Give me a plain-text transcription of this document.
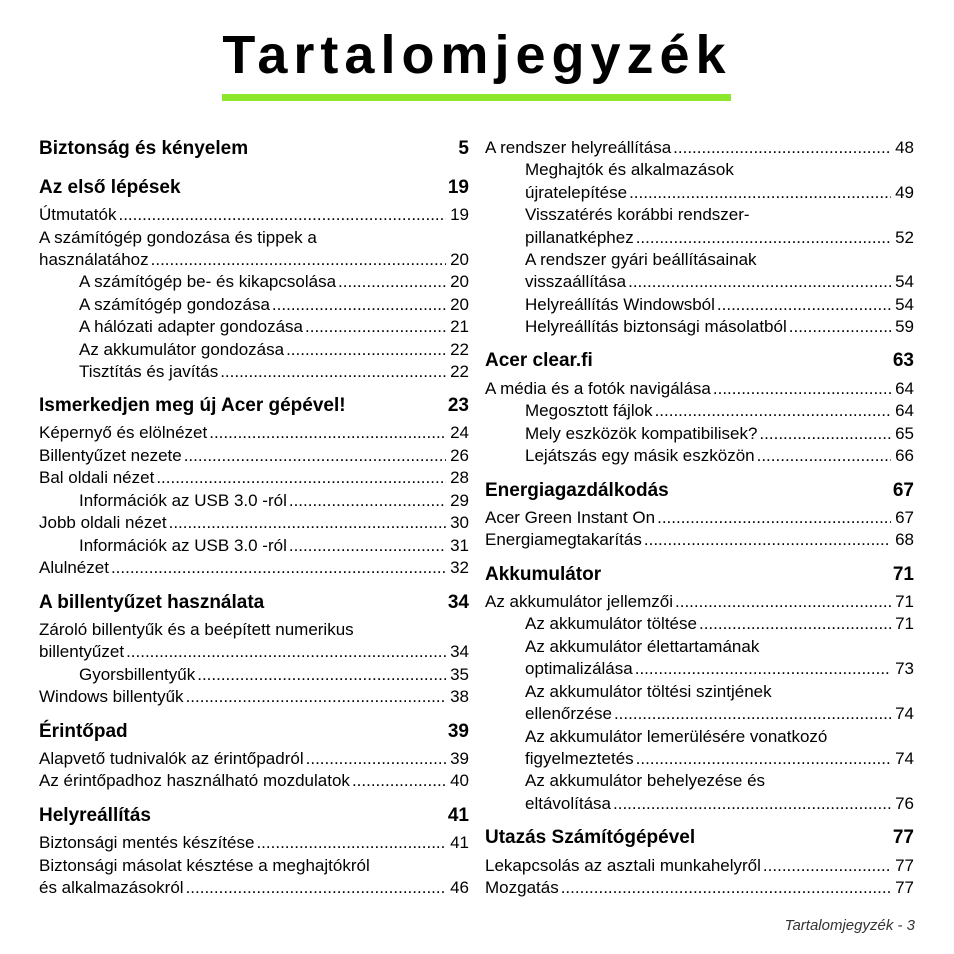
Tartalomjegyzék
Biztonság és kényelem	5
Az első lépések	19
Útmutatók .....	19
A számítógép gondozása és tippek a
használatához .....	20
A számítógép be- és kikapcsolása .....	20
A számítógép gondozása .....	20
A hálózati adapter gondozása .....	21
Az akkumulátor gondozása .....	22
Tisztítás és javítás .....	22
Ismerkedjen meg új Acer gépével!	23
Képernyő és elölnézet .....	24
Billentyűzet nezete .....	26
Bal oldali nézet .....	28
Információk az USB 3.0 -ról .....	29
Jobb oldali nézet .....	30
Információk az USB 3.0 -ról .....	31
Alulnézet .....	32
A billentyűzet használata	34
Zároló billentyűk és a beépített numerikus
billentyűzet .....	34
Gyorsbillentyűk .....	35
Windows billentyűk .....	38
Érintőpad	39
Alapvető tudnivalók az érintőpadról .....	39
Az érintőpadhoz használható mozdulatok .....	40
Helyreállítás	41
Biztonsági mentés készítése .....	41
Biztonsági másolat késztése a meghajtókról
és alkalmazásokról .....	46
A rendszer helyreállítása .....	48
Meghajtók és alkalmazások
újratelepítése .....	49
Visszatérés korábbi rendszer-
pillanatképhez .....	52
A rendszer gyári beállításainak
visszaállítása .....	54
Helyreállítás Windowsból .....	54
Helyreállítás biztonsági másolatból .....	59
Acer clear.fi	63
A média és a fotók navigálása .....	64
Megosztott fájlok .....	64
Mely eszközök kompatibilisek? .....	65
Lejátszás egy másik eszközön .....	66
Energiagazdálkodás	67
Acer Green Instant On .....	67
Energiamegtakarítás .....	68
Akkumulátor	71
Az akkumulátor jellemzői .....	71
Az akkumulátor töltése .....	71
Az akkumulátor élettartamának
optimalizálása .....	73
Az akkumulátor töltési szintjének
ellenőrzése .....	74
Az akkumulátor lemerülésére vonatkozó
figyelmeztetés .....	74
Az akkumulátor behelyezése és
eltávolítása .....	76
Utazás Számítógépével	77
Lekapcsolás az asztali munkahelyről .....	77
Mozgatás .....	77
Tartalomjegyzék - 3
